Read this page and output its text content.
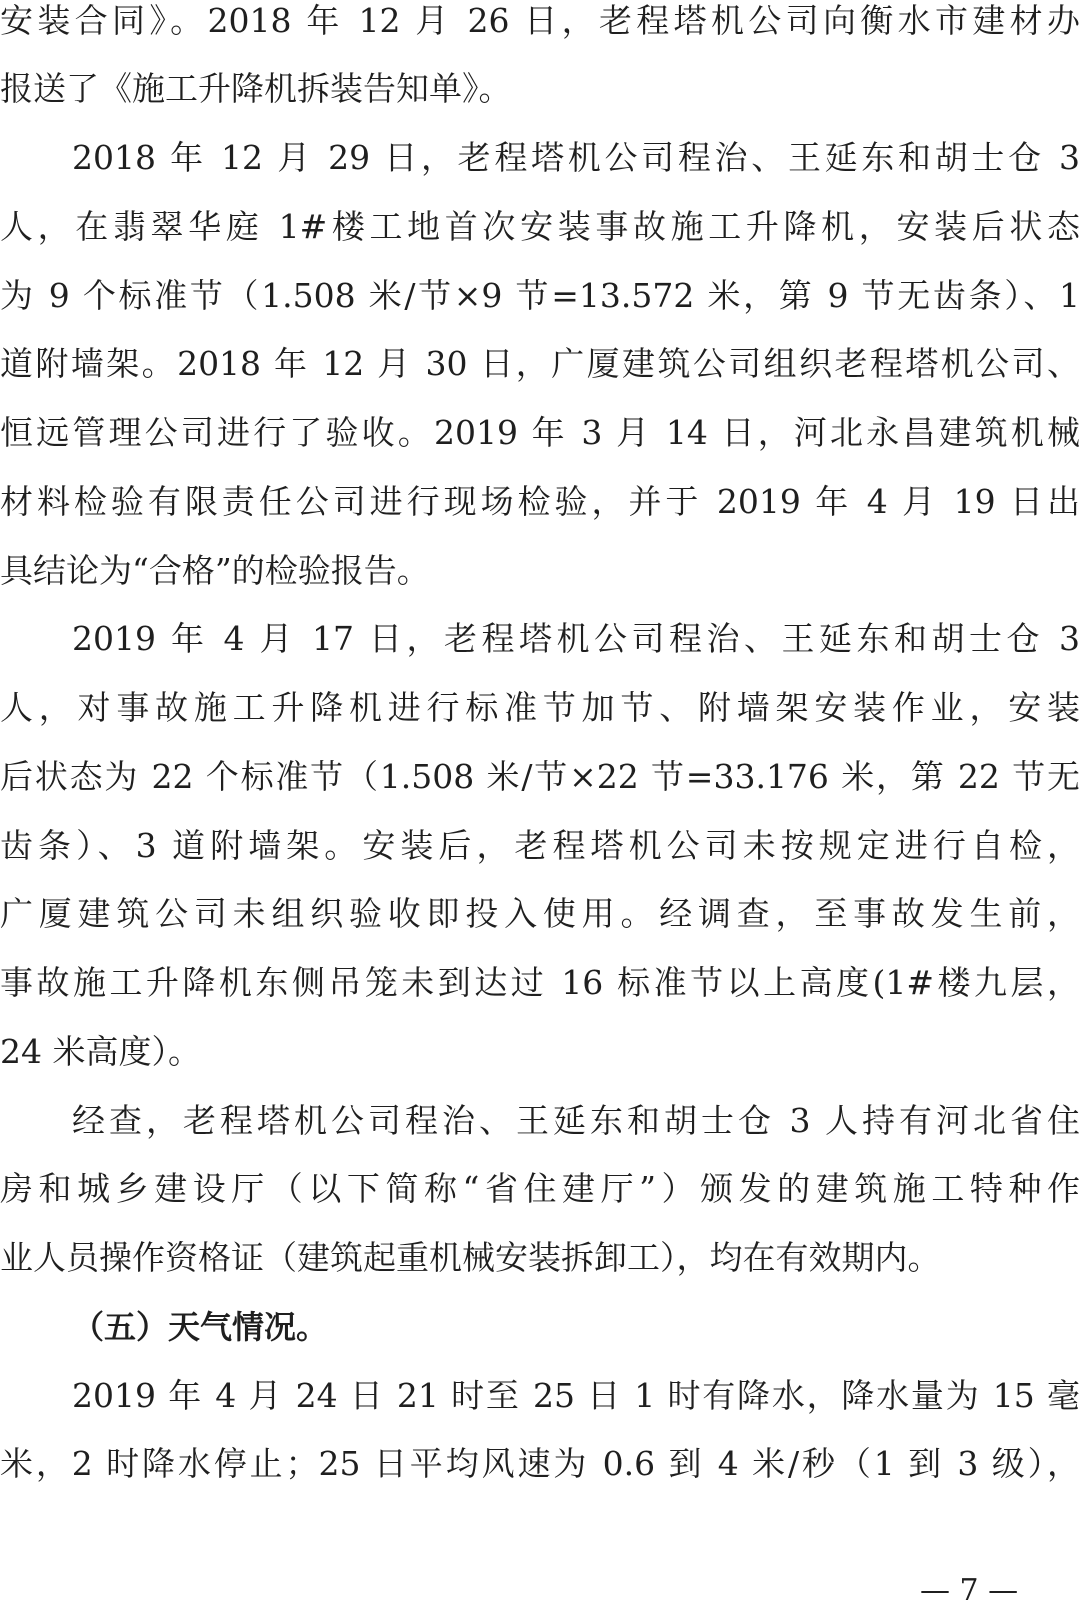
安装合同》。2018 年 12 月 26 日，老程塔机公司向衡水市建材办
报送了《施工升降机拆装告知单》。
2018 年 12 月 29 日，老程塔机公司程治、王延东和胡士仓 3
人，在翡翠华庭 1#楼工地首次安装事故施工升降机，安装后状态
为 9 个标准节（1.508 米/节×9 节=13.572 米，第 9 节无齿条）、1
道附墙架。2018 年 12 月 30 日，广厦建筑公司组织老程塔机公司、
恒远管理公司进行了验收。2019 年 3 月 14 日，河北永昌建筑机械
材料检验有限责任公司进行现场检验，并于 2019 年 4 月 19 日出
具结论为“合格”的检验报告。
2019 年 4 月 17 日，老程塔机公司程治、王延东和胡士仓 3
人，对事故施工升降机进行标准节加节、附墙架安装作业，安装
后状态为 22 个标准节（1.508 米/节×22 节=33.176 米，第 22 节无
齿条）、3 道附墙架。安装后，老程塔机公司未按规定进行自检，
广厦建筑公司未组织验收即投入使用。经调查，至事故发生前，
事故施工升降机东侧吊笼未到达过 16 标准节以上高度(1#楼九层，
24 米高度）。
经查，老程塔机公司程治、王延东和胡士仓 3 人持有河北省住
房和城乡建设厅（以下简称“省住建厅”）颁发的建筑施工特种作
业人员操作资格证（建筑起重机械安装拆卸工），均在有效期内。
（五）天气情况。
2019 年 4 月 24 日 21 时至 25 日 1 时有降水，降水量为 15 毫
米，2 时降水停止；25 日平均风速为 0.6 到 4 米/秒（1 到 3 级），
— 7 —
